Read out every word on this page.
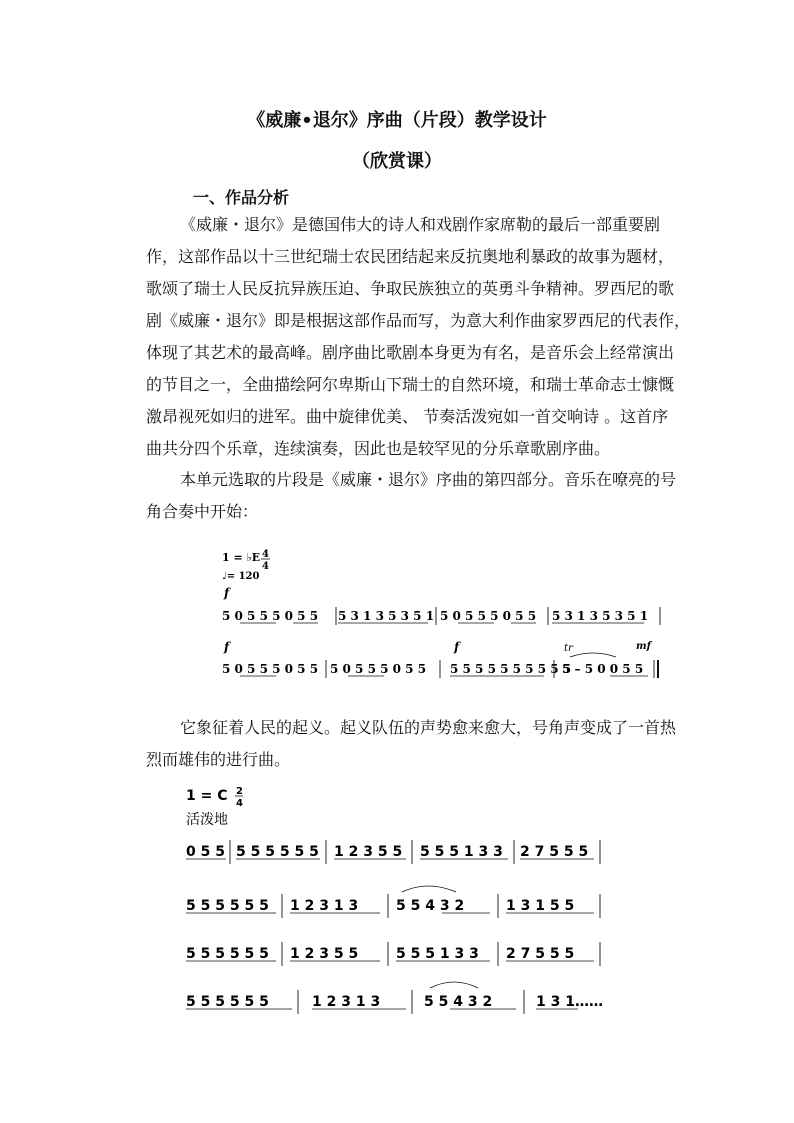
《威廉•退尔》序曲（片段）教学设计
（欣赏课）
一、作品分析
《威廉・退尔》是德国伟大的诗人和戏剧作家席勒的最后一部重要剧
作，这部作品以十三世纪瑞士农民团结起来反抗奥地利暴政的故事为题材，
歌颂了瑞士人民反抗异族压迫、争取民族独立的英勇斗争精神。罗西尼的歌
剧《威廉・退尔》即是根据这部作品而写，为意大利作曲家罗西尼的代表作，
体现了其艺术的最高峰。剧序曲比歌剧本身更为有名，是音乐会上经常演出
的节目之一，全曲描绘阿尔卑斯山下瑞士的自然环境，和瑞士革命志士慷慨
激昂视死如归的进军。曲中旋律优美、 节奏活泼宛如一首交响诗 。这首序
曲共分四个乐章，连续演奏，因此也是较罕见的分乐章歌剧序曲。
本单元选取的片段是《威廉・退尔》序曲的第四部分。音乐在嘹亮的号
角合奏中开始：
1 = ♭E 4
4
♩= 120
f
5 0 5 5 5 0 5 5 5 3 1 3 5 3 5 1 5 0 5 5 5 0 5 5 5 3 1 3 5 3 5 1
f	f	tr	mf
5 0 5 5 5 0 5 5 5 0 5 5 5 0 5 5 5 5 5 5 5 5 5 5 5 5
5 – 5 0 0 5 5
它象征着人民的起义。起义队伍的声势愈来愈大，号角声变成了一首热
烈而雄伟的进行曲。
1 = C 2
4
活泼地
0 5 5 5 5 5 5 5 5 1 2 3 5 5 5 5 5 1 3 3 2 7 5 5 5
5 5 5 5 5 5 1 2 3 1 3	5 5 4 3 2	1 3 1 5 5
5 5 5 5 5 5 1 2 3 5 5	5 5 5 1 3 3 2 7 5 5 5
5 5 5 5 5 5	1 2 3 1 3	5 5 4 3 2	1 3 1……
